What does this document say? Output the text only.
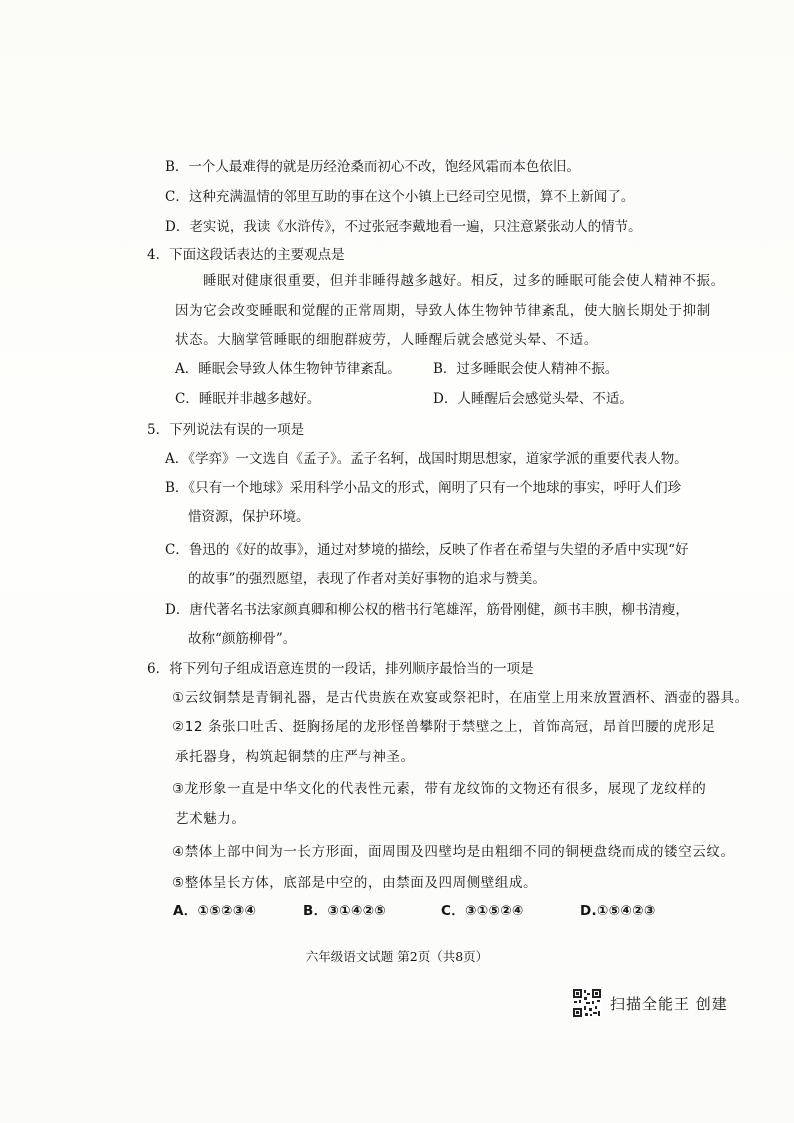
B．一个人最难得的就是历经沧桑而初心不改，饱经风霜而本色依旧。
C．这种充满温情的邻里互助的事在这个小镇上已经司空见惯，算不上新闻了。
D．老实说，我读《水浒传》，不过张冠李戴地看一遍，只注意紧张动人的情节。
4．下面这段话表达的主要观点是
睡眠对健康很重要，但并非睡得越多越好。相反，过多的睡眠可能会使人精神不振。
因为它会改变睡眠和觉醒的正常周期，导致人体生物钟节律紊乱，使大脑长期处于抑制
状态。大脑掌管睡眠的细胞群疲劳，人睡醒后就会感觉头晕、不适。
A．睡眠会导致人体生物钟节律紊乱。 B．过多睡眠会使人精神不振。
C．睡眠并非越多越好。	D．人睡醒后会感觉头晕、不适。
5．下列说法有误的一项是
A．《学弈》一文选自《孟子》。孟子名轲，战国时期思想家，道家学派的重要代表人物。
B．《只有一个地球》采用科学小品文的形式，阐明了只有一个地球的事实，呼吁人们珍
惜资源，保护环境。
C．鲁迅的《好的故事》，通过对梦境的描绘，反映了作者在希望与失望的矛盾中实现“好
的故事”的强烈愿望，表现了作者对美好事物的追求与赞美。
D．唐代著名书法家颜真卿和柳公权的楷书行笔雄浑，筋骨刚健，颜书丰腴，柳书清瘦，
故称“颜筋柳骨”。
6．将下列句子组成语意连贯的一段话，排列顺序最恰当的一项是
①云纹铜禁是青铜礼器，是古代贵族在欢宴或祭祀时，在庙堂上用来放置酒杯、酒壶的器具。
②12 条张口吐舌、挺胸扬尾的龙形怪兽攀附于禁壁之上，首饰高冠，昂首凹腰的虎形足
承托器身，构筑起铜禁的庄严与神圣。
③龙形象一直是中华文化的代表性元素，带有龙纹饰的文物还有很多，展现了龙纹样的
艺术魅力。
④禁体上部中间为一长方形面，面周围及四壁均是由粗细不同的铜梗盘绕而成的镂空云纹。
⑤整体呈长方体，底部是中空的，由禁面及四周侧壁组成。
A．①⑤②③④	B．③①④②⑤	C．③①⑤②④	D.①⑤④②③
六年级语文试题 第2页（共8页）
扫描全能王 创建
